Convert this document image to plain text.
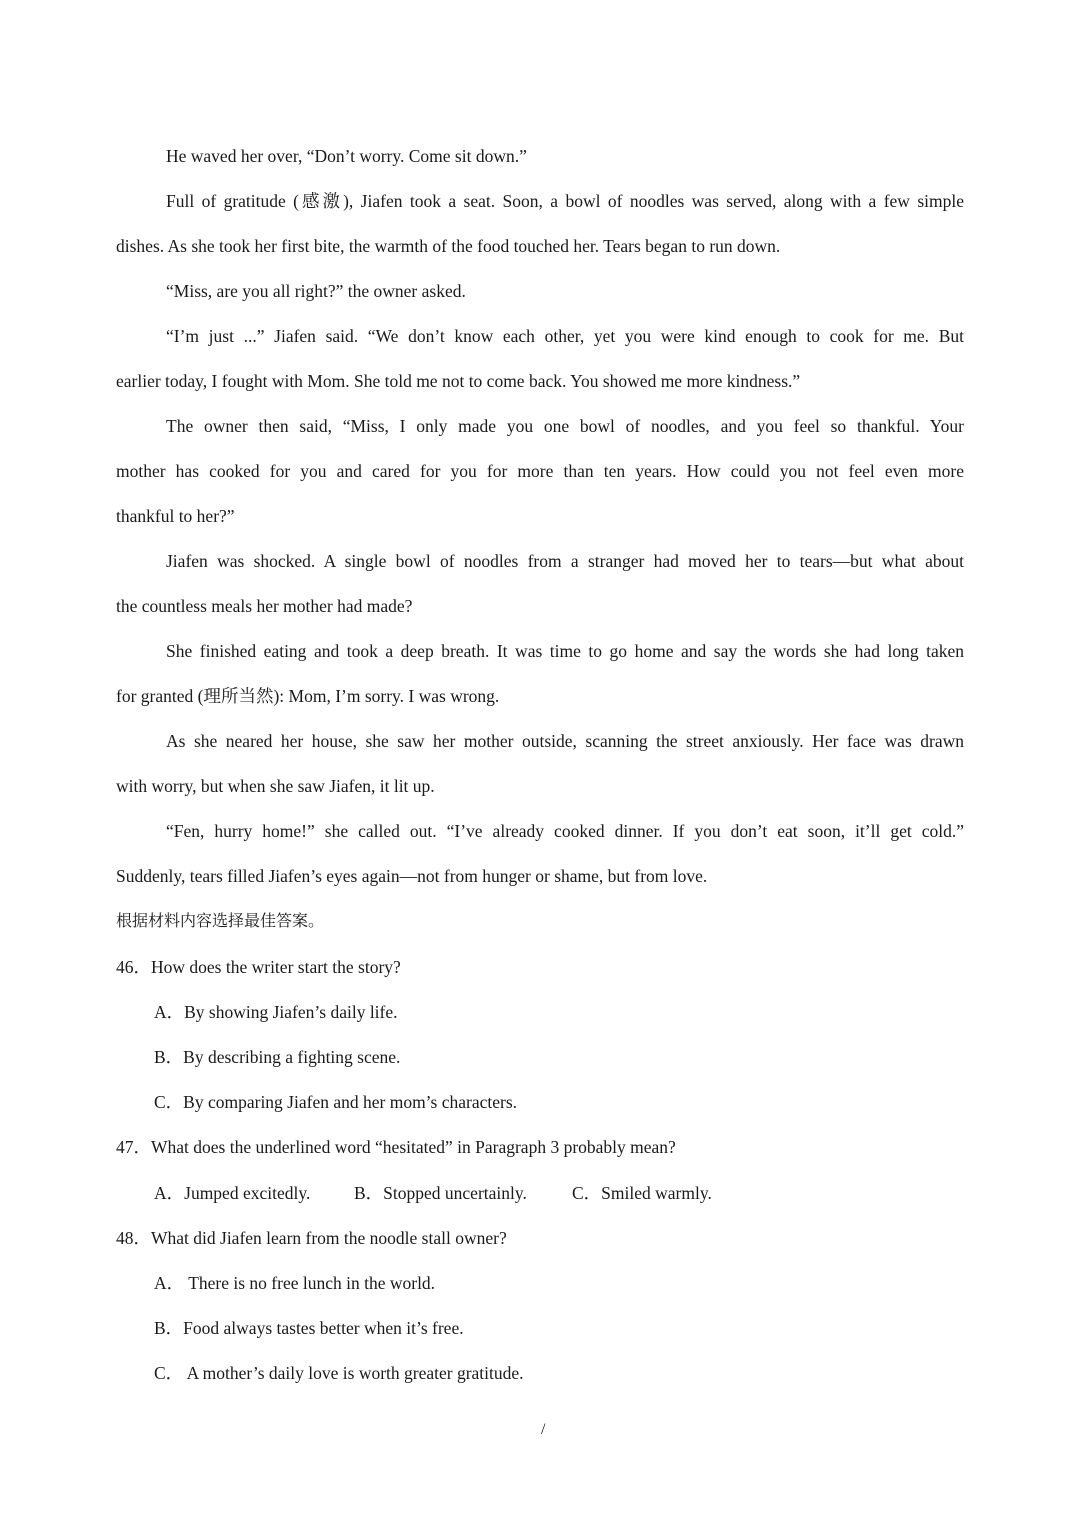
He waved her over, “Don’t worry. Come sit down.”
Full of gratitude (感激), Jiafen took a seat. Soon, a bowl of noodles was served, along with a few simple
dishes. As she took her first bite, the warmth of the food touched her. Tears began to run down.
“Miss, are you all right?” the owner asked.
“I’m just ...” Jiafen said. “We don’t know each other, yet you were kind enough to cook for me. But
earlier today, I fought with Mom. She told me not to come back. You showed me more kindness.”
The owner then said, “Miss, I only made you one bowl of noodles, and you feel so thankful. Your
mother has cooked for you and cared for you for more than ten years. How could you not feel even more
thankful to her?”
Jiafen was shocked. A single bowl of noodles from a stranger had moved her to tears—but what about
the countless meals her mother had made?
She finished eating and took a deep breath. It was time to go home and say the words she had long taken
for granted (理所当然): Mom, I’m sorry. I was wrong.
As she neared her house, she saw her mother outside, scanning the street anxiously. Her face was drawn
with worry, but when she saw Jiafen, it lit up.
“Fen, hurry home!” she called out. “I’ve already cooked dinner. If you don’t eat soon, it’ll get cold.”
Suddenly, tears filled Jiafen’s eyes again—not from hunger or shame, but from love.
根据材料内容选择最佳答案。
46．How does the writer start the story?
A．By showing Jiafen’s daily life.
B．By describing a fighting scene.
C．By comparing Jiafen and her mom’s characters.
47．What does the underlined word “hesitated” in Paragraph 3 probably mean?
A．Jumped excitedly. B．Stopped uncertainly.	C．Smiled warmly.
48．What did Jiafen learn from the noodle stall owner?
A． There is no free lunch in the world.
B．Food always tastes better when it’s free.
C． A mother’s daily love is worth greater gratitude.
/
